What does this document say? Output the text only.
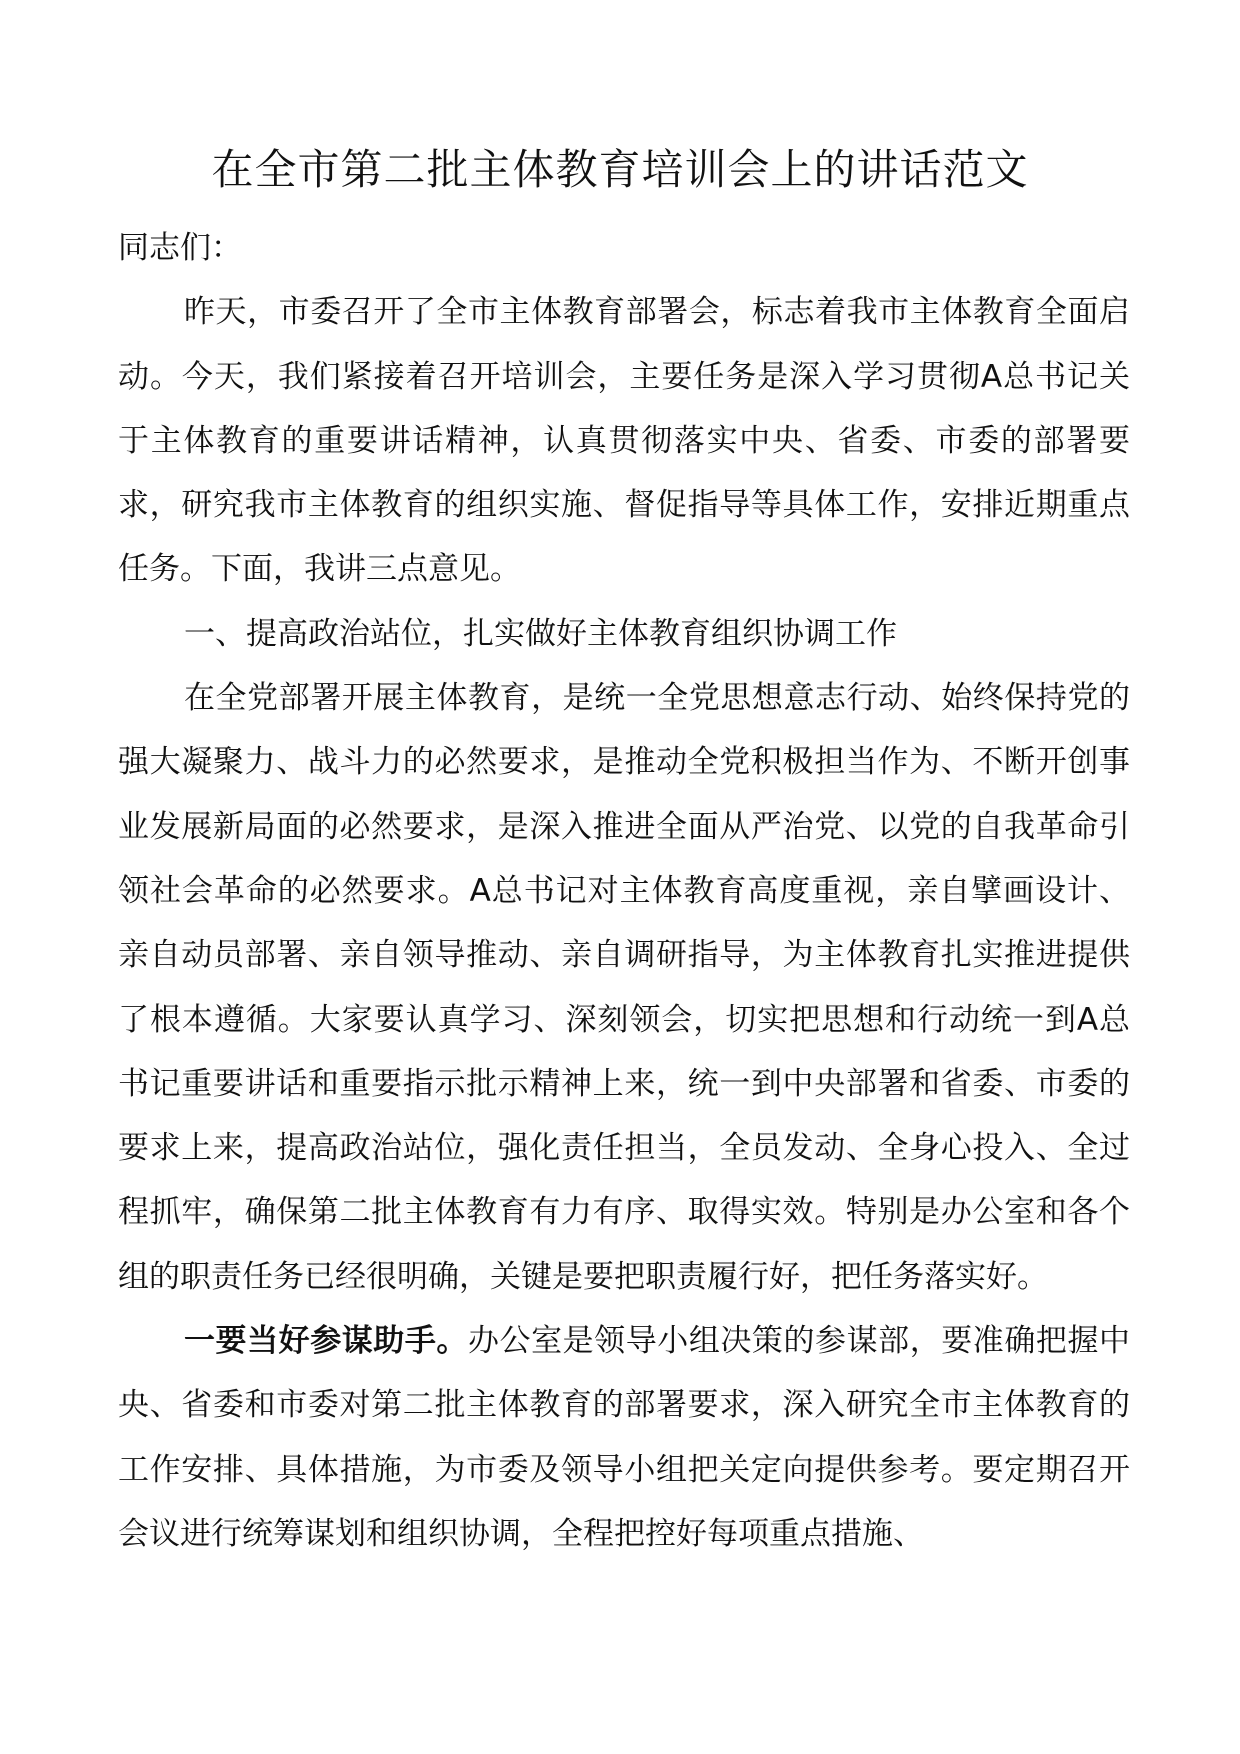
在全市第二批主体教育培训会上的讲话范文

同志们：

昨天，市委召开了全市主体教育部署会，标志着我市主体教育全面启动。今天，我们紧接着召开培训会，主要任务是深入学习贯彻A总书记关于主体教育的重要讲话精神，认真贯彻落实中央、省委、市委的部署要求，研究我市主体教育的组织实施、督促指导等具体工作，安排近期重点任务。下面，我讲三点意见。

一、提高政治站位，扎实做好主体教育组织协调工作

在全党部署开展主体教育，是统一全党思想意志行动、始终保持党的强大凝聚力、战斗力的必然要求，是推动全党积极担当作为、不断开创事业发展新局面的必然要求，是深入推进全面从严治党、以党的自我革命引领社会革命的必然要求。A总书记对主体教育高度重视，亲自擘画设计、亲自动员部署、亲自领导推动、亲自调研指导，为主体教育扎实推进提供了根本遵循。大家要认真学习、深刻领会，切实把思想和行动统一到A总书记重要讲话和重要指示批示精神上来，统一到中央部署和省委、市委的要求上来，提高政治站位，强化责任担当，全员发动、全身心投入、全过程抓牢，确保第二批主体教育有力有序、取得实效。特别是办公室和各个组的职责任务已经很明确，关键是要把职责履行好，把任务落实好。

一要当好参谋助手。办公室是领导小组决策的参谋部，要准确把握中央、省委和市委对第二批主体教育的部署要求，深入研究全市主体教育的工作安排、具体措施，为市委及领导小组把关定向提供参考。要定期召开会议进行统筹谋划和组织协调，全程把控好每项重点措施、
